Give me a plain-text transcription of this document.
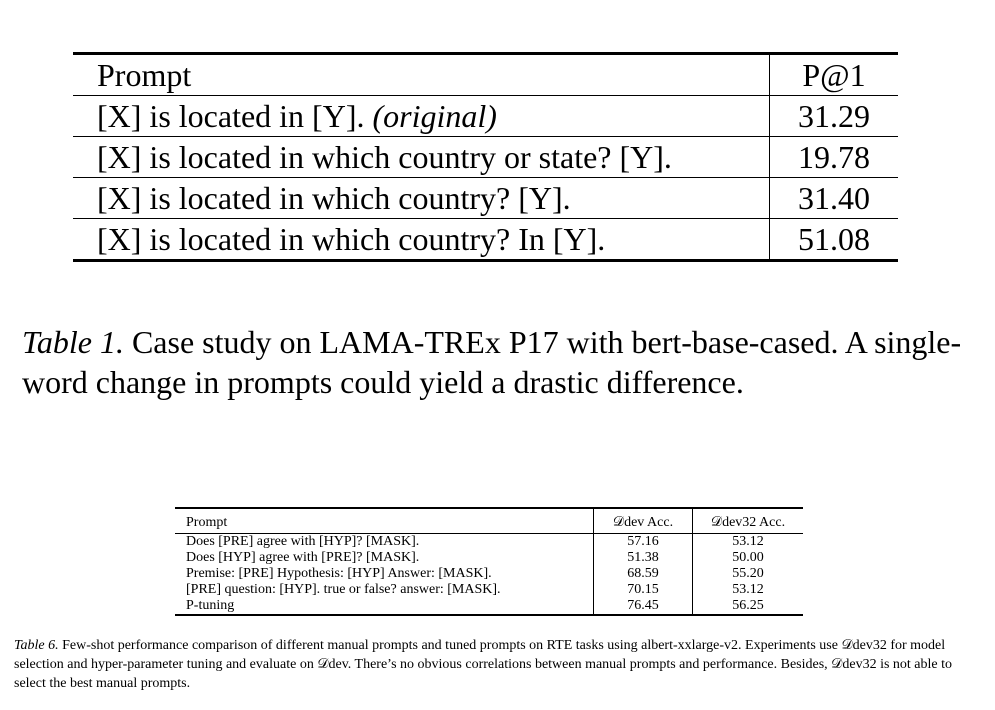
Prompt	P@1
[X] is located in [Y]. (original)	31.29
[X] is located in which country or state? [Y].	19.78
[X] is located in which country? [Y].	31.40
[X] is located in which country? In [Y].	51.08

Table 1. Case study on LAMA-TREx P17 with bert-base-cased. A single-word change in prompts could yield a drastic difference.

Prompt	𝒟dev Acc.	𝒟dev32 Acc.
Does [PRE] agree with [HYP]? [MASK].	57.16	53.12
Does [HYP] agree with [PRE]? [MASK].	51.38	50.00
Premise: [PRE] Hypothesis: [HYP] Answer: [MASK].	68.59	55.20
[PRE] question: [HYP]. true or false? answer: [MASK].	70.15	53.12
P-tuning	76.45	56.25

Table 6. Few-shot performance comparison of different manual prompts and tuned prompts on RTE tasks using albert-xxlarge-v2. Experiments use 𝒟dev32 for model selection and hyper-parameter tuning and evaluate on 𝒟dev. There’s no obvious correlations between manual prompts and performance. Besides, 𝒟dev32 is not able to select the best manual prompts.
